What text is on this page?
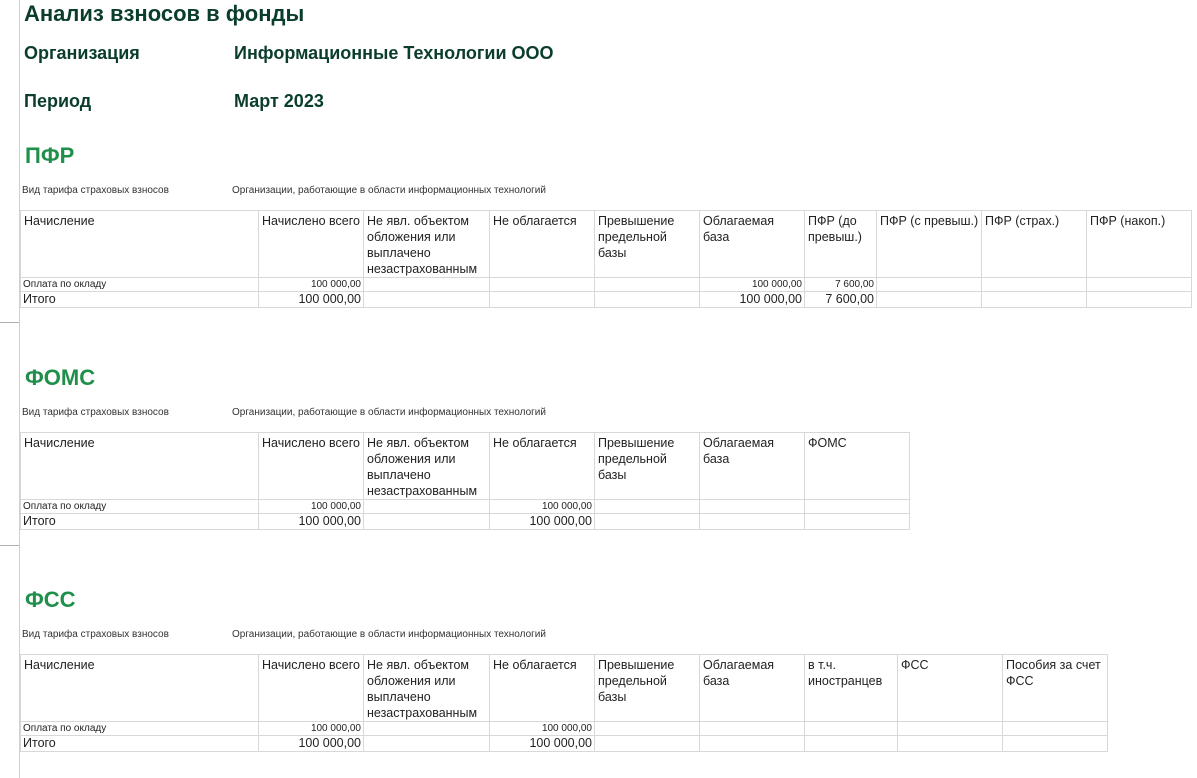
Анализ взносов в фонды
Организация	Информационные Технологии ООО
Период	Март 2023
ПФР
Вид тарифа страховых взносов	Организации, работающие в области информационных технологий
Начисление	Начислено всего	Не явл. объектом обложения или выплачено незастрахованным	Не облагается	Превышение предельной базы	Облагаемая база	ПФР (до превыш.)	ПФР (с превыш.)	ПФР (страх.)	ПФР (накоп.)
Оплата по окладу	100 000,00				100 000,00	7 600,00			
Итого	100 000,00				100 000,00	7 600,00			
ФОМС
Вид тарифа страховых взносов	Организации, работающие в области информационных технологий
Начисление	Начислено всего	Не явл. объектом обложения или выплачено незастрахованным	Не облагается	Превышение предельной базы	Облагаемая база	ФОМС
Оплата по окладу	100 000,00		100 000,00			
Итого	100 000,00		100 000,00			
ФСС
Вид тарифа страховых взносов	Организации, работающие в области информационных технологий
Начисление	Начислено всего	Не явл. объектом обложения или выплачено незастрахованным	Не облагается	Превышение предельной базы	Облагаемая база	в т.ч. иностранцев	ФСС	Пособия за счет ФСС
Оплата по окладу	100 000,00		100 000,00					
Итого	100 000,00		100 000,00					
